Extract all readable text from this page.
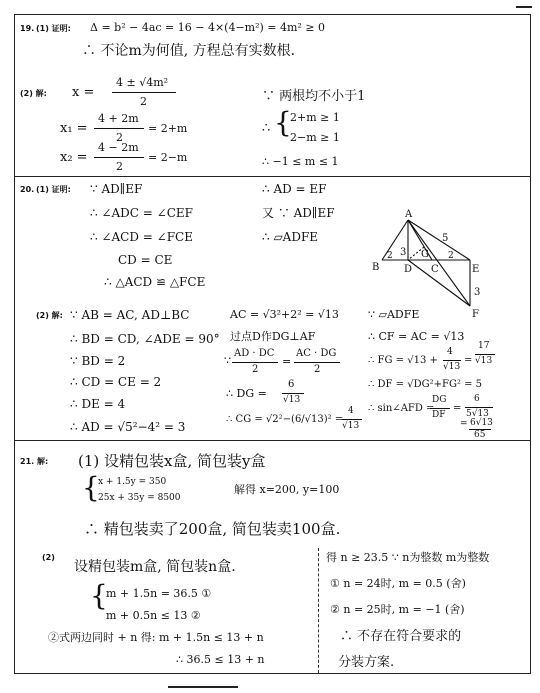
19. (1) 证明: Δ = b² − 4ac = 16 − 4×(4−m²) = 4m² ≥ 0
∴ 不论m为何值, 方程总有实数根.
(2) 解: x =
4 ± √4m²
2
x₁ =
4 + 2m
2
= 2+m
x₂ =
4 − 2m
2
= 2−m
∵ 两根均不小于1
∴ {
2+m ≥ 1
2−m ≥ 1
∴ −1 ≤ m ≤ 1
20. (1) 证明: ∵ AD∥EF
∴ ∠ADC = ∠CEF
∴ ∠ACD = ∠FCE
CD = CE
∴ △ACD ≌ △FCE
∴ AD = EF
又 ∵ AD∥EF
∴ ▱ADFE
A
B D C
G
E
F
5
3
3
2	2
(2) 解: ∵ AB = AC, AD⊥BC
∴ BD = CD, ∠ADE = 90°
∵ BD = 2
∴ CD = CE = 2
∴ DE = 4
∴ AD = √5²−4² = 3
AC = √3²+2² = √13
过点D作DG⊥AF
∵
AD · DC
2
=
AC · DG
2
∴ DG =
6
√13
∴ CG = √2²−(6/√13)² =
4
√13
∵ ▱ADFE
∴ CF = AC = √13
∴ FG = √13 +
4
√13
=
17
√13
∴ DF = √DG²+FG² = 5
∴ sin∠AFD =
DG
DF
=
6
5√13
= 6√13
65
21. 解: (1) 设精包装x盒, 简包装y盒
{
x + 1.5y = 350
25x + 35y = 8500
解得 x=200, y=100
∴ 精包装卖了200盒, 简包装卖100盒.
(2)
设精包装m盒, 简包装n盒.
{
m + 1.5n = 36.5 ①
m + 0.5n ≤ 13 ②
②式两边同时 + n 得: m + 1.5n ≤ 13 + n
∴ 36.5 ≤ 13 + n
得 n ≥ 23.5 ∵ n为整数 m为整数
① n = 24时, m = 0.5 (舍)
② n = 25时, m = −1 (舍)
∴ 不存在符合要求的
分装方案.
